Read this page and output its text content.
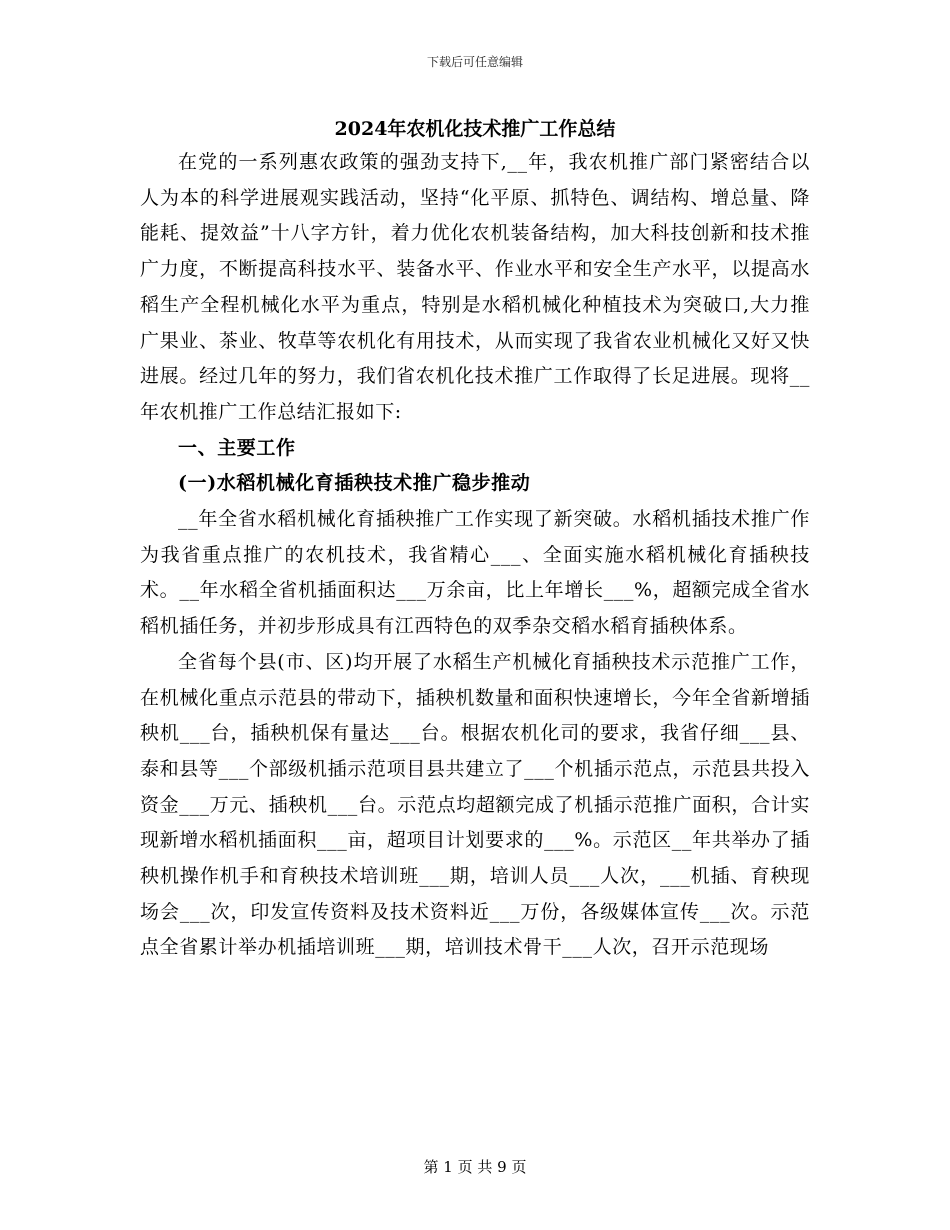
下载后可任意编辑
2024年农机化技术推广工作总结

在党的一系列惠农政策的强劲支持下,__年，我农机推广部门紧密结合以人为本的科学进展观实践活动，坚持“化平原、抓特色、调结构、增总量、降能耗、提效益”十八字方针，着力优化农机装备结构，加大科技创新和技术推广力度，不断提高科技水平、装备水平、作业水平和安全生产水平，以提高水稻生产全程机械化水平为重点，特别是水稻机械化种植技术为突破口,大力推广果业、茶业、牧草等农机化有用技术，从而实现了我省农业机械化又好又快进展。经过几年的努力，我们省农机化技术推广工作取得了长足进展。现将__年农机推广工作总结汇报如下:

一、主要工作
(一)水稻机械化育插秧技术推广稳步推动

__年全省水稻机械化育插秧推广工作实现了新突破。水稻机插技术推广作为我省重点推广的农机技术，我省精心___、全面实施水稻机械化育插秧技术。__年水稻全省机插面积达___万余亩，比上年增长___%，超额完成全省水稻机插任务，并初步形成具有江西特色的双季杂交稻水稻育插秧体系。

全省每个县(市、区)均开展了水稻生产机械化育插秧技术示范推广工作，在机械化重点示范县的带动下，插秧机数量和面积快速增长，今年全省新增插秧机___台，插秧机保有量达___台。根据农机化司的要求，我省仔细___县、泰和县等___个部级机插示范项目县共建立了___个机插示范点，示范县共投入资金___万元、插秧机___台。示范点均超额完成了机插示范推广面积，合计实现新增水稻机插面积___亩，超项目计划要求的___%。示范区__年共举办了插秧机操作机手和育秧技术培训班___期，培训人员___人次，___机插、育秧现场会___次，印发宣传资料及技术资料近___万份，各级媒体宣传___次。示范点全省累计举办机插培训班___期，培训技术骨干___人次，召开示范现场

第 1 页 共 9 页
